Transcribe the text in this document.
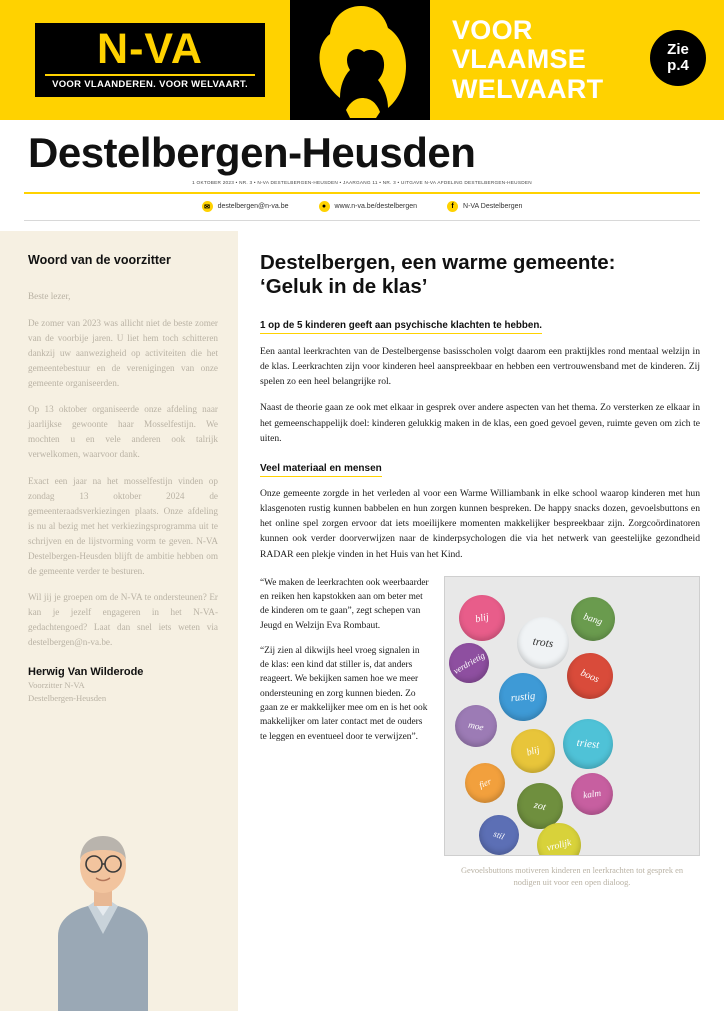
N-VA
VOOR VLAANDEREN. VOOR WELVAART.
VOOR
VLAAMSE
WELVAART
Zie
p.4
Destelbergen-Heusden
1 OKTOBER 2023 • NR. 3 • N-VA DESTELBERGEN-HEUSDEN • JAARGANG 11 • NR. 3 • UITGAVE N-VA AFDELING DESTELBERGEN-HEUSDEN
✉	destelbergen@n-va.be	●	www.n-va.be/destelbergen	f	N-VA Destelbergen
Woord van de voorzitter

Beste lezer,

De zomer van 2023 was allicht niet de beste zomer van de voorbije jaren. U liet hem toch schitteren dankzij uw aanwezigheid op activiteiten die het gemeentebestuur en de verenigingen van onze gemeente organiseerden.

Op 13 oktober organiseerde onze afdeling naar jaarlijkse gewoonte haar Mosselfestijn. We mochten u en vele anderen ook talrijk verwelkomen, waarvoor dank.

Exact een jaar na het mosselfestijn vinden op zondag 13 oktober 2024 de gemeenteraadsverkiezingen plaats. Onze afdeling is nu al bezig met het verkiezingsprogramma uit te schrijven en de lijstvorming vorm te geven. N-VA Destelbergen-Heusden blijft de ambitie hebben om de gemeente verder te besturen.

Wil jij je groepen om de N-VA te ondersteunen? Er kan je jezelf engageren in het N-VA-gedachtengoed? Laat dan snel iets weten via destelbergen@n-va.be.

Herwig Van Wilderode
Voorzitter N-VA
Destelbergen-Heusden
Destelbergen, een warme gemeente:
‘Geluk in de klas’
1 op de 5 kinderen geeft aan psychische klachten te hebben.

Een aantal leerkrachten van de Destelbergense basisscholen volgt daarom een praktijkles rond mentaal welzijn in de klas. Leerkrachten zijn voor kinderen heel aanspreekbaar en hebben een vertrouwensband met de kinderen. Zij spelen zo een heel belangrijke rol.

Naast de theorie gaan ze ook met elkaar in gesprek over andere aspecten van het thema. Zo versterken ze elkaar in het gemeenschappelijk doel: kinderen gelukkig maken in de klas, een goed gevoel geven, ruimte geven om zich te uiten.

Veel materiaal en mensen

Onze gemeente zorgde in het verleden al voor een Warme Williambank in elke school waarop kinderen met hun klasgenoten rustig kunnen babbelen en hun zorgen kunnen bespreken. De happy snacks dozen, gevoelsbuttons en het online spel zorgen ervoor dat iets moeilijkere momenten makkelijker bespreekbaar zijn. Zorgcoördinatoren kunnen ook verder doorverwijzen naar de kinderpsychologen die via het netwerk van geestelijke gezondheid RADAR een plekje vinden in het Huis van het Kind.

“We maken de leerkrachten ook weerbaarder en reiken hen kapstokken aan om beter met de kinderen om te gaan”, zegt schepen van Jeugd en Welzijn Eva Rombaut.

“Zij zien al dikwijls heel vroeg signalen in de klas: een kind dat stiller is, dat anders reageert. We bekijken samen hoe we meer ondersteuning en zorg kunnen bieden. Zo gaan ze er makkelijker mee om en is het ook makkelijker om later contact met de ouders te leggen en eventueel door te verwijzen”.

blij
trots
bang
verdrietig
rustig
boos
moe
blij	triest
fier
zot
kalm
stil
vrolijk
Gevoelsbuttons motiveren kinderen en leerkrachten tot gesprek en nodigen uit voor een open dialoog.
